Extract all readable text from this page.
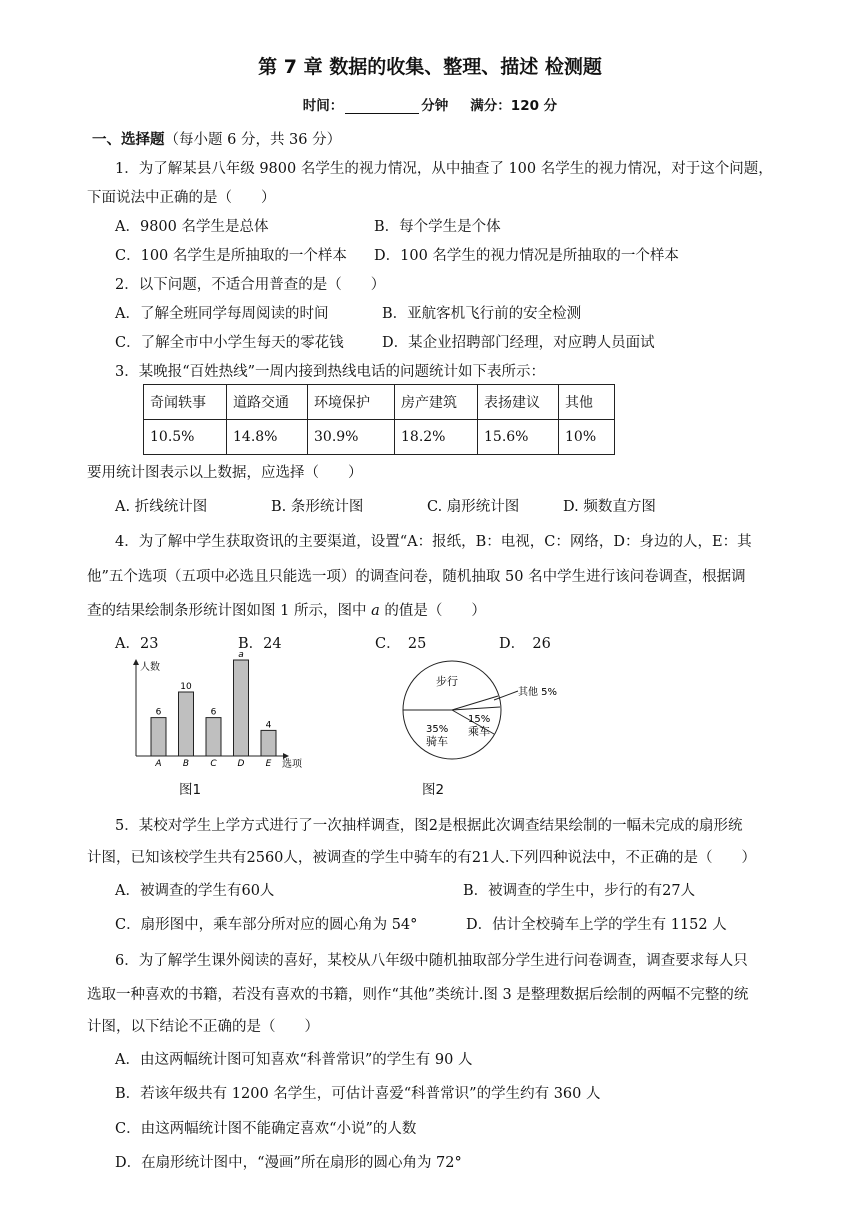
第 7 章 数据的收集、整理、描述 检测题
时间：	分钟 满分：120 分
一、选择题（每小题 6 分，共 36 分）
1．为了解某县八年级 9800 名学生的视力情况，从中抽查了 100 名学生的视力情况，对于这个问题，
下面说法中正确的是（　　）
A．9800 名学生是总体	B．每个学生是个体
C．100 名学生是所抽取的一个样本 D．100 名学生的视力情况是所抽取的一个样本
2．以下问题，不适合用普查的是（　　）
A．了解全班同学每周阅读的时间	B．亚航客机飞行前的安全检测
C．了解全市中小学生每天的零花钱	D．某企业招聘部门经理，对应聘人员面试
3．某晚报“百姓热线”一周内接到热线电话的问题统计如下表所示：
奇闻轶事	道路交通	环境保护	房产建筑	表扬建议	其他
10.5%	14.8%	30.9%	18.2%	15.6%	10%
要用统计图表示以上数据，应选择（　　）
A. 折线统计图	B. 条形统计图	C. 扇形统计图	D. 频数直方图
4．为了解中学生获取资讯的主要渠道，设置“A：报纸，B：电视，C：网络，D：身边的人，E：其
他”五个选项（五项中必选且只能选一项）的调查问卷，随机抽取 50 名中学生进行该问卷调查，根据调
查的结果绘制条形统计图如图 1 所示，图中 a 的值是（　　）
A．23	B．24	C．　25	D．　26
人数
选项
6
A
10
B
6
C
a
D
4
E
图1
步行
其他 5%
15%
乘车
35%
骑车
图2
5．某校对学生上学方式进行了一次抽样调查，图2是根据此次调查结果绘制的一幅未完成的扇形统
计图，已知该校学生共有2560人，被调查的学生中骑车的有21人.下列四种说法中，不正确的是（　　）
A．被调查的学生有60人	B．被调查的学生中，步行的有27人
C．扇形图中，乘车部分所对应的圆心角为 54°	D．估计全校骑车上学的学生有 1152 人
6．为了解学生课外阅读的喜好，某校从八年级中随机抽取部分学生进行问卷调查，调查要求每人只
选取一种喜欢的书籍，若没有喜欢的书籍，则作“其他”类统计.图 3 是整理数据后绘制的两幅不完整的统
计图，以下结论不正确的是（　　）
A．由这两幅统计图可知喜欢“科普常识”的学生有 90 人
B．若该年级共有 1200 名学生，可估计喜爱“科普常识”的学生约有 360 人
C．由这两幅统计图不能确定喜欢“小说”的人数
D．在扇形统计图中，“漫画”所在扇形的圆心角为 72°
